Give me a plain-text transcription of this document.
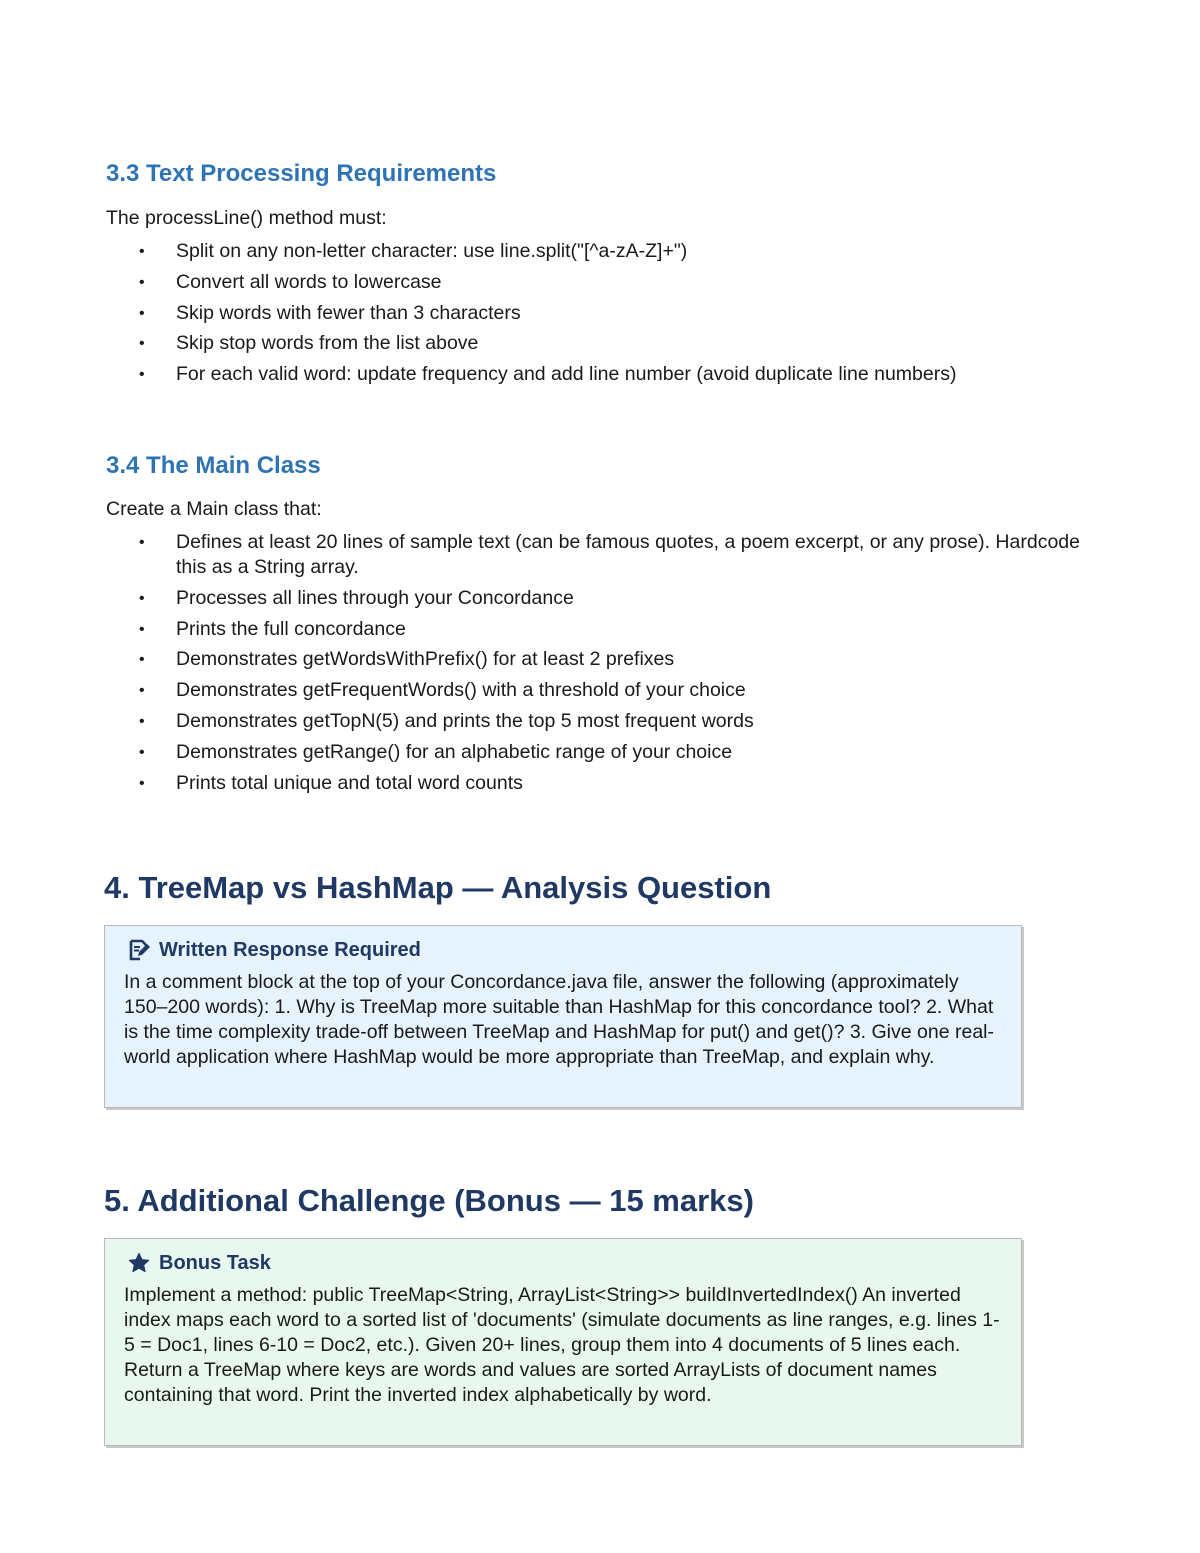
3.3 Text Processing Requirements

The processLine() method must:

• Split on any non-letter character: use line.split("[^a-zA-Z]+")
• Convert all words to lowercase
• Skip words with fewer than 3 characters
• Skip stop words from the list above
• For each valid word: update frequency and add line number (avoid duplicate line numbers)
3.4 The Main Class

Create a Main class that:

• Defines at least 20 lines of sample text (can be famous quotes, a poem excerpt, or any prose). Hardcode this as a String array.
• Processes all lines through your Concordance
• Prints the full concordance
• Demonstrates getWordsWithPrefix() for at least 2 prefixes
• Demonstrates getFrequentWords() with a threshold of your choice
• Demonstrates getTopN(5) and prints the top 5 most frequent words
• Demonstrates getRange() for an alphabetic range of your choice
• Prints total unique and total word counts
4. TreeMap vs HashMap — Analysis Question
Written Response Required

In a comment block at the top of your Concordance.java file, answer the following (approximately 150–200 words): 1. Why is TreeMap more suitable than HashMap for this concordance tool? 2. What is the time complexity trade-off between TreeMap and HashMap for put() and get()? 3. Give one real-world application where HashMap would be more appropriate than TreeMap, and explain why.

5. Additional Challenge (Bonus — 15 marks)
Bonus Task

Implement a method: public TreeMap<String, ArrayList<String>> buildInvertedIndex() An inverted index maps each word to a sorted list of 'documents' (simulate documents as line ranges, e.g. lines 1-5 = Doc1, lines 6-10 = Doc2, etc.). Given 20+ lines, group them into 4 documents of 5 lines each. Return a TreeMap where keys are words and values are sorted ArrayLists of document names containing that word. Print the inverted index alphabetically by word.
